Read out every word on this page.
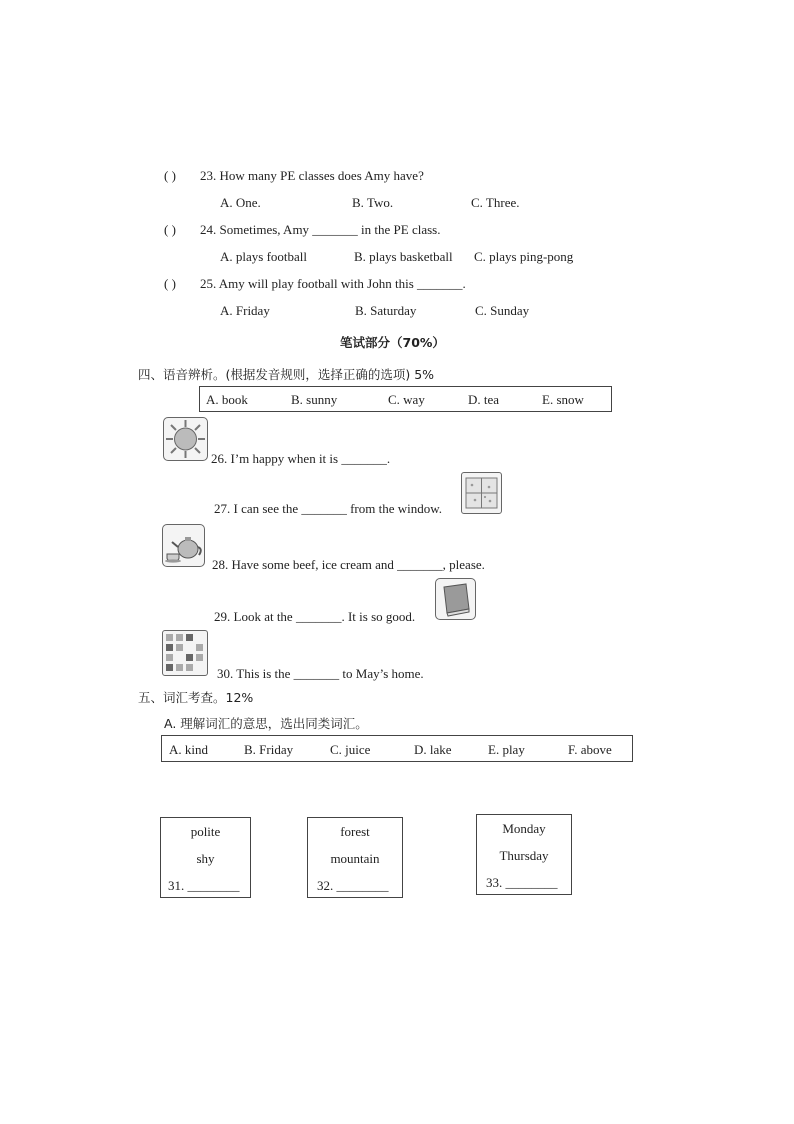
( ) 23. How many PE classes does Amy have?
A. One.	B. Two.	C. Three.
( ) 24. Sometimes, Amy _______ in the PE class.
A. plays football	B. plays basketball C. plays ping-pong
( ) 25. Amy will play football with John this _______.
A. Friday	B. Saturday	C. Sunday
笔试部分（70%）
四、语音辨析。(根据发音规则，选择正确的选项) 5%
A. book	B. sunny	C. way	D. tea	E. snow
26. I’m happy when it is _______.
27. I can see the _______ from the window.
28. Have some beef, ice cream and _______, please.
29. Look at the _______. It is so good.
30. This is the _______ to May’s home.
五、词汇考查。12%
A. 理解词汇的意思，选出同类词汇。
A. kind	B. Friday	C. juice	D. lake	E. play	F. above
polite
shy
31. ________
forest
mountain
32. ________
Monday
Thursday
33. ________
